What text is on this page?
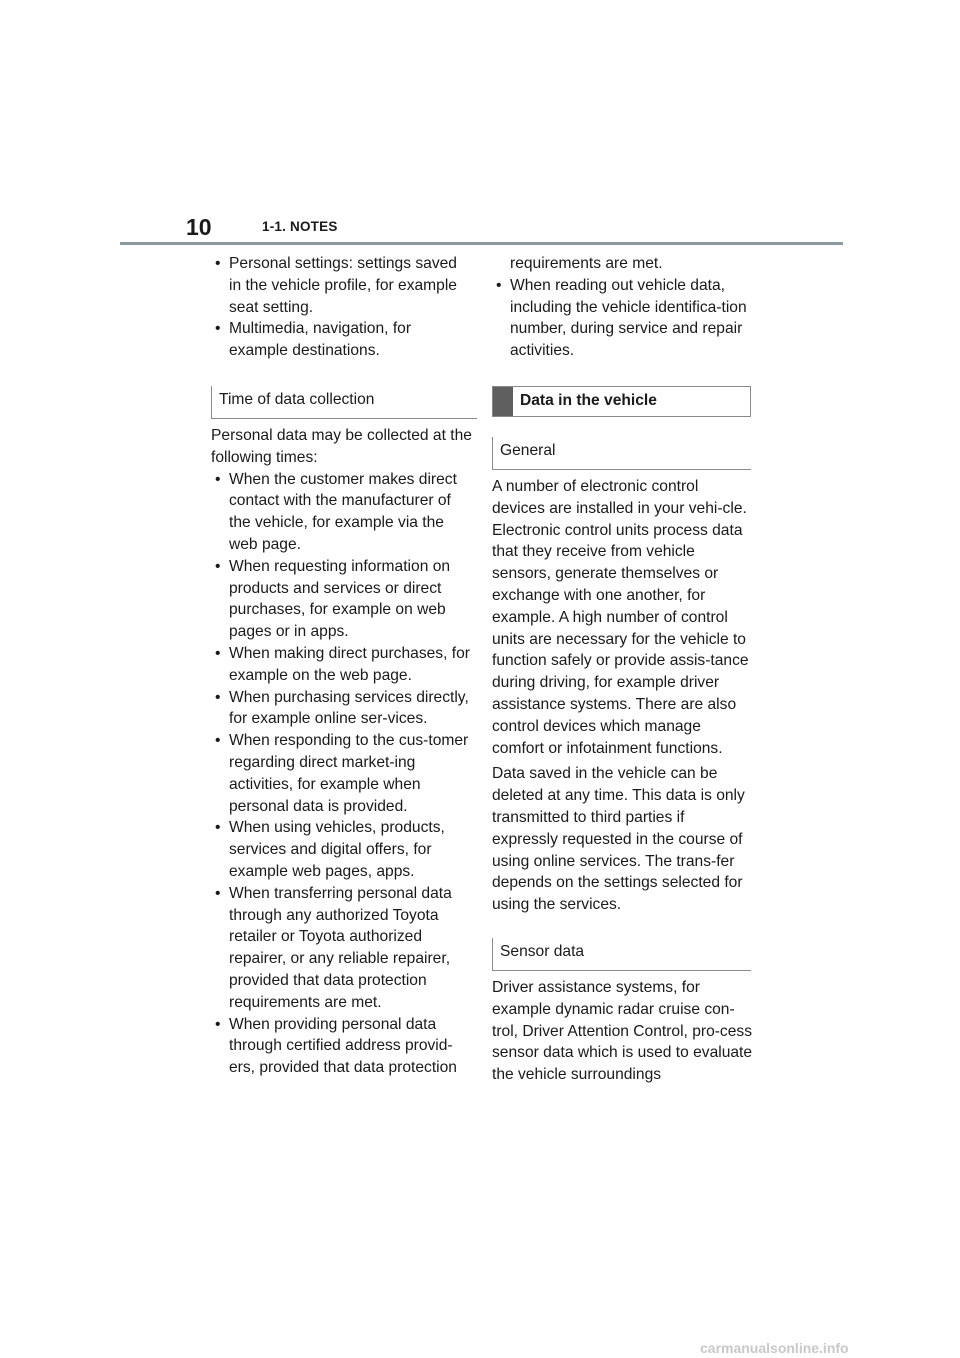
10	1-1. NOTES
• Personal settings: settings saved in the vehicle profile, for example seat setting.
• Multimedia, navigation, for example destinations.
Time of data collection

Personal data may be collected at the following times:

• When the customer makes direct contact with the manufacturer of the vehicle, for example via the web page.
• When requesting information on products and services or direct purchases, for example on web pages or in apps.
• When making direct purchases, for example on the web page.
• When purchasing services directly, for example online ser-vices.
• When responding to the cus-tomer regarding direct market-ing activities, for example when personal data is provided.
• When using vehicles, products, services and digital offers, for example web pages, apps.
• When transferring personal data through any authorized Toyota retailer or Toyota authorized repairer, or any reliable repairer, provided that data protection requirements are met.
• When providing personal data through certified address provid-ers, provided that data protection

requirements are met.

• When reading out vehicle data, including the vehicle identifica-tion number, during service and repair activities.
Data in the vehicle
General

A number of electronic control devices are installed in your vehi-cle. Electronic control units process data that they receive from vehicle sensors, generate themselves or exchange with one another, for example. A high number of control units are necessary for the vehicle to function safely or provide assis-tance during driving, for example driver assistance systems. There are also control devices which manage comfort or infotainment functions.

Data saved in the vehicle can be deleted at any time. This data is only transmitted to third parties if expressly requested in the course of using online services. The trans-fer depends on the settings selected for using the services.

Sensor data

Driver assistance systems, for example dynamic radar cruise con-trol, Driver Attention Control, pro-cess sensor data which is used to evaluate the vehicle surroundings

carmanualsonline.info
